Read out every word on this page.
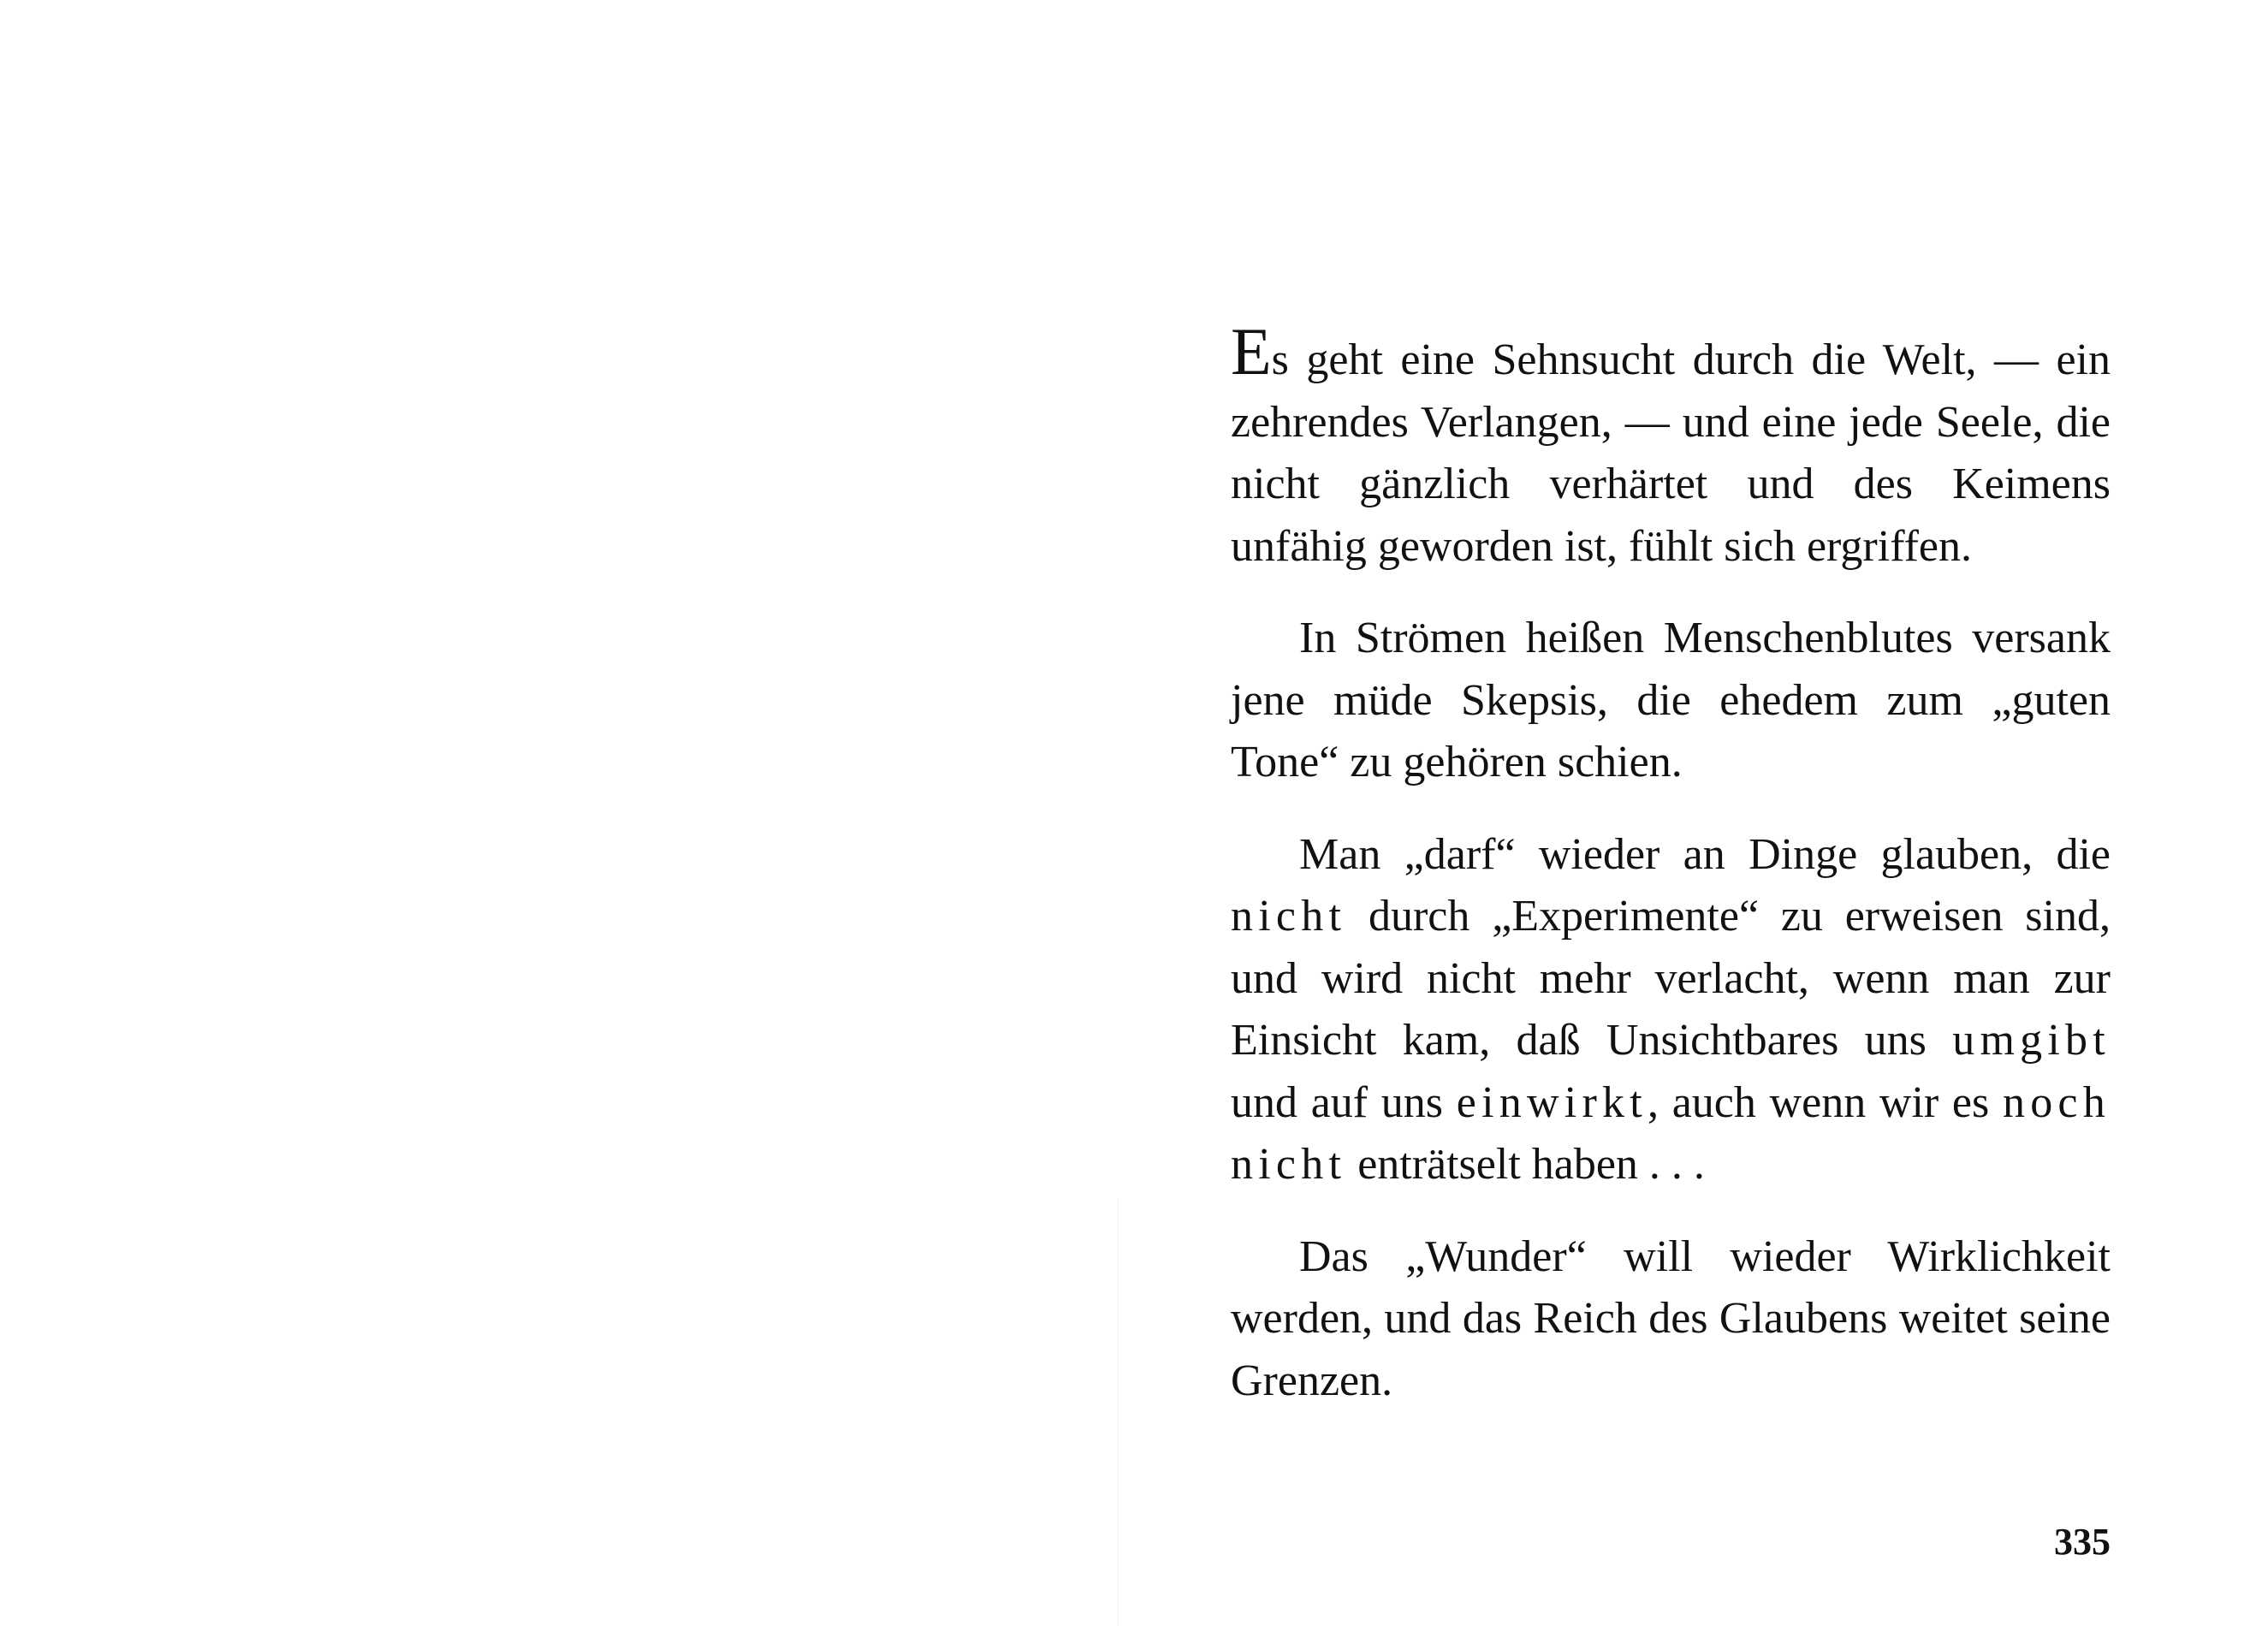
Es geht eine Sehnsucht durch die Welt, — ein zehrendes Verlangen, — und eine jede Seele, die nicht gänzlich verhärtet und des Keimens unfähig geworden ist, fühlt sich ergriffen.

In Strömen heißen Menschenblutes versank jene müde Skepsis, die ehedem zum „guten Tone“ zu gehören schien.

Man „darf“ wieder an Dinge glauben, die nicht durch „Experimente“ zu erweisen sind, und wird nicht mehr verlacht, wenn man zur Einsicht kam, daß Unsichtbares uns umgibt und auf uns einwirkt, auch wenn wir es noch nicht enträtselt haben . . .

Das „Wunder“ will wieder Wirklichkeit werden, und das Reich des Glaubens weitet seine Grenzen.

335
